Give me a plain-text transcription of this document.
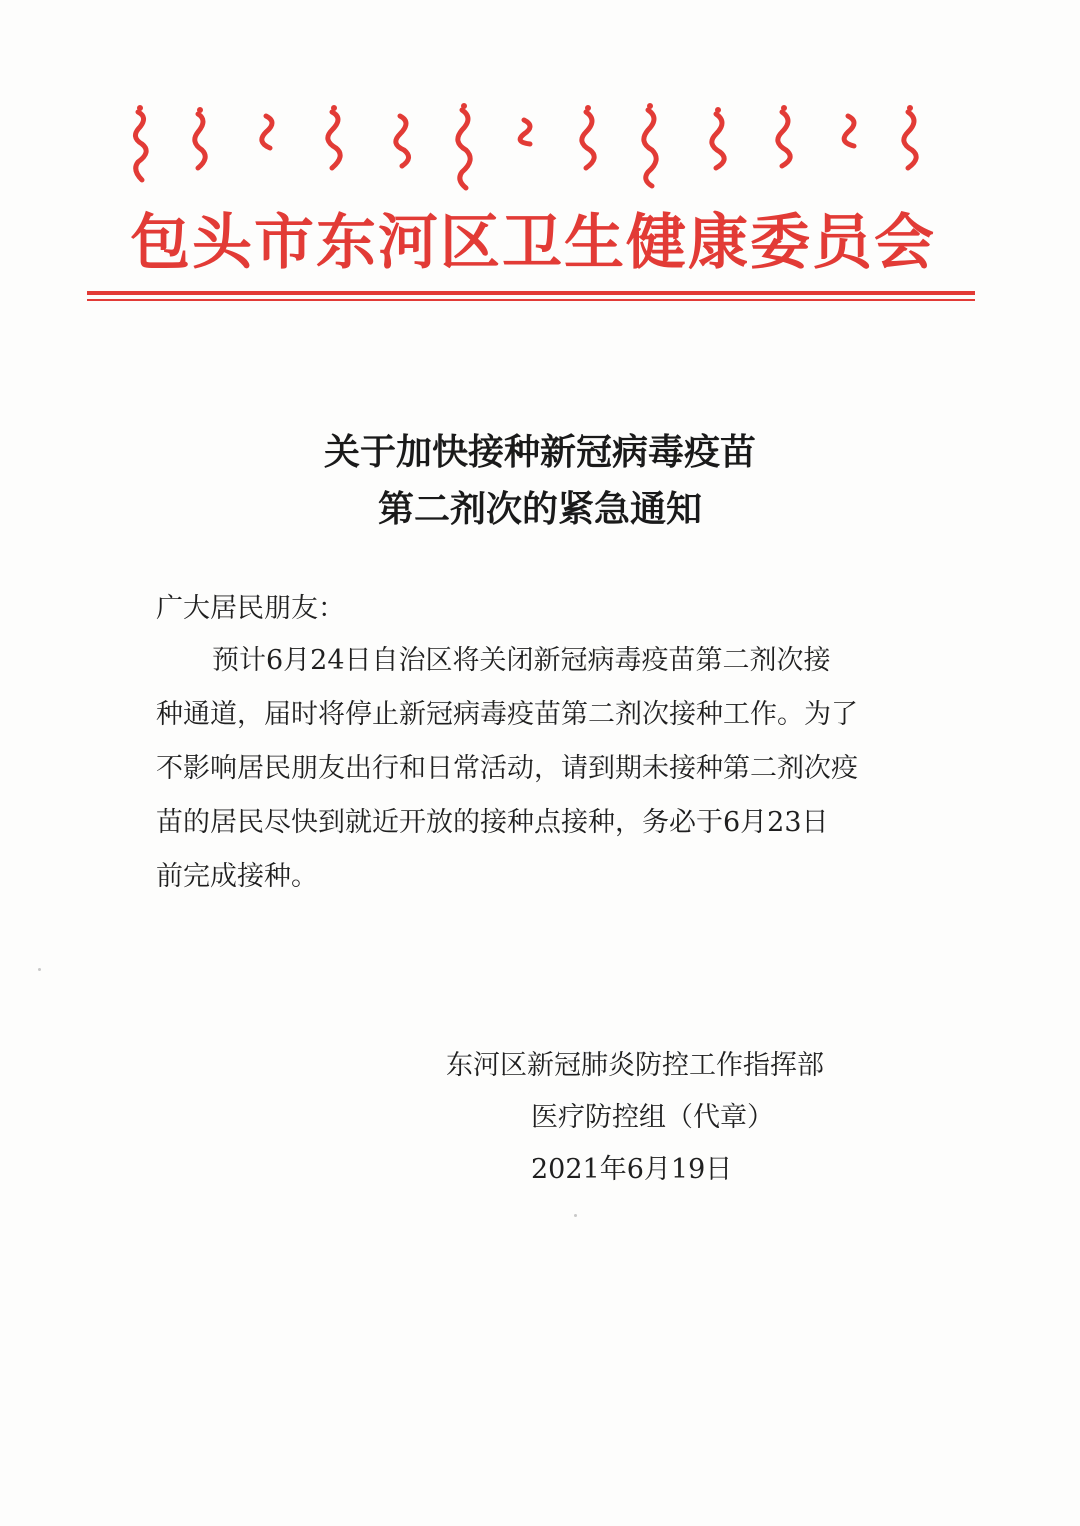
包头市东河区卫生健康委员会
关于加快接种新冠病毒疫苗
第二剂次的紧急通知
广大居民朋友：
预计6月24日自治区将关闭新冠病毒疫苗第二剂次接
种通道，届时将停止新冠病毒疫苗第二剂次接种工作。为了
不影响居民朋友出行和日常活动，请到期未接种第二剂次疫
苗的居民尽快到就近开放的接种点接种，务必于6月23日
前完成接种。
东河区新冠肺炎防控工作指挥部
医疗防控组（代章）
2021年6月19日
